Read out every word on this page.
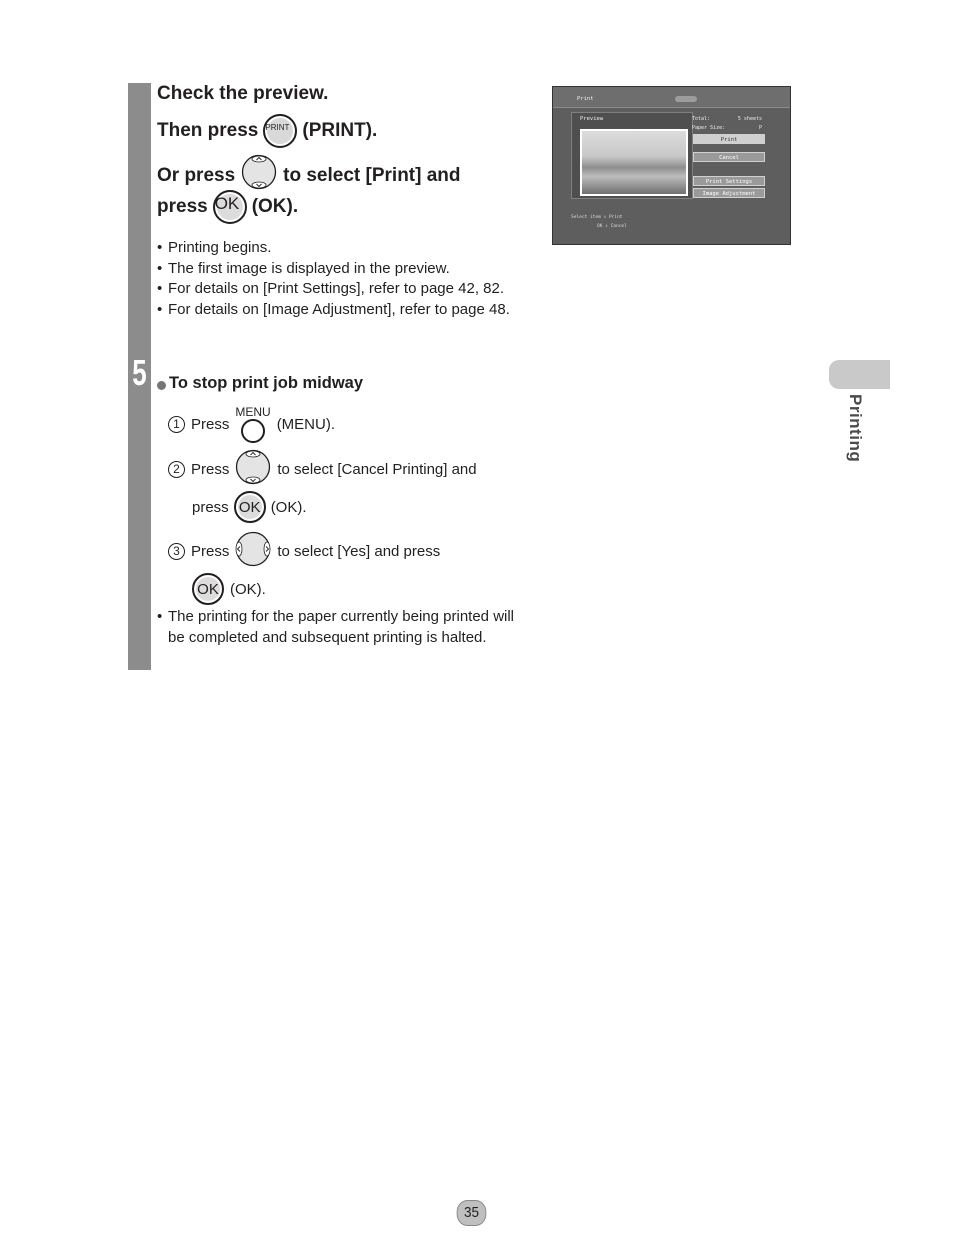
5
Check the preview.
Then press PRINT (PRINT).
Or press	to select [Print] and
press OK (OK).
• Printing begins.
• The first image is displayed in the preview.
• For details on [Print Settings], refer to page 42, 82.
• For details on [Image Adjustment], refer to page 48.
To stop print job midway
1 Press
MENU
(MENU).
2 Press	to select [Cancel Printing] and
press OK (OK).
3 Press	to select [Yes] and press
OK (OK).
• The printing for the paper currently being printed will be completed and subsequent printing is halted.
Print
Preview	Total:	5 sheets
Paper Size:	P
Print
Cancel
Print Settings
Image Adjustment
Select item ⇕ Print
OK ⇕ Cancel
Printing
35
